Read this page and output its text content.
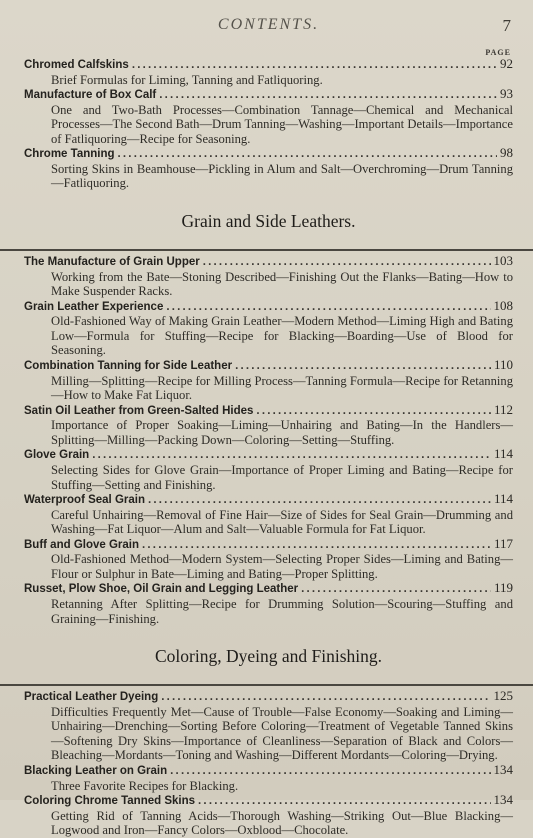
CONTENTS.	7
PAGE
Chromed Calfskins .....	92
Brief Formulas for Liming, Tanning and Fatliquoring.
Manufacture of Box Calf .....	93
One and Two-Bath Processes—Combination Tannage—Chemical and Mechanical Processes—The Second Bath—Drum Tanning—Washing—Important Details—Importance of Fatliquoring—Recipe for Seasoning.
Chrome Tanning .....	98
Sorting Skins in Beamhouse—Pickling in Alum and Salt—Overchroming—Drum Tanning—Fatliquoring.
Grain and Side Leathers.
The Manufacture of Grain Upper .....	103
Working from the Bate—Stoning Described—Finishing Out the Flanks—Bating—How to Make Suspender Racks.
Grain Leather Experience .....	108
Old-Fashioned Way of Making Grain Leather—Modern Method—Liming High and Bating Low—Formula for Stuffing—Recipe for Blacking—Boarding—Use of Blood for Seasoning.
Combination Tanning for Side Leather .....	110
Milling—Splitting—Recipe for Milling Process—Tanning Formula—Recipe for Retanning—How to Make Fat Liquor.
Satin Oil Leather from Green-Salted Hides .....	112
Importance of Proper Soaking—Liming—Unhairing and Bating—In the Handlers—Splitting—Milling—Packing Down—Coloring—Setting—Stuffing.
Glove Grain .....	114
Selecting Sides for Glove Grain—Importance of Proper Liming and Bating—Recipe for Stuffing—Setting and Finishing.
Waterproof Seal Grain .....	114
Careful Unhairing—Removal of Fine Hair—Size of Sides for Seal Grain—Drumming and Washing—Fat Liquor—Alum and Salt—Valuable Formula for Fat Liquor.
Buff and Glove Grain .....	117
Old-Fashioned Method—Modern System—Selecting Proper Sides—Liming and Bating—Flour or Sulphur in Bate—Liming and Bating—Proper Splitting.
Russet, Plow Shoe, Oil Grain and Legging Leather .....	119
Retanning After Splitting—Recipe for Drumming Solution—Scouring—Stuffing and Graining—Finishing.
Coloring, Dyeing and Finishing.
Practical Leather Dyeing .....	125
Difficulties Frequently Met—Cause of Trouble—False Economy—Soaking and Liming—Unhairing—Drenching—Sorting Before Coloring—Treatment of Vegetable Tanned Skins—Softening Dry Skins—Importance of Cleanliness—Separation of Black and Colors—Bleaching—Mordants—Toning and Washing—Different Mordants—Coloring—Drying.
Blacking Leather on Grain .....	134
Three Favorite Recipes for Blacking.
Coloring Chrome Tanned Skins .....	134
Getting Rid of Tanning Acids—Thorough Washing—Striking Out—Blue Blacking—Logwood and Iron—Fancy Colors—Oxblood—Chocolate.
